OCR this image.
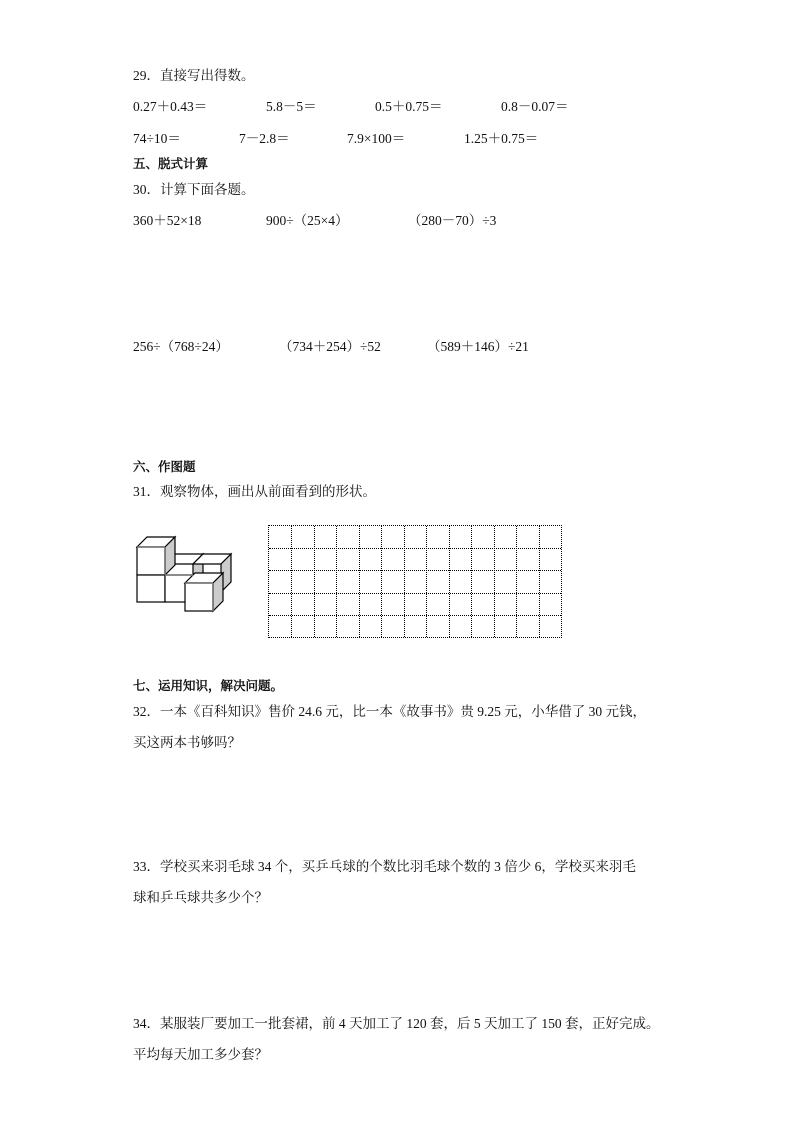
29．直接写出得数。
0.27＋0.43＝	5.8－5＝	0.5＋0.75＝	0.8－0.07＝
74÷10＝	7－2.8＝	7.9×100＝	1.25＋0.75＝
五、脱式计算
30．计算下面各题。
360＋52×18	900÷（25×4）	（280－70）÷3
256÷（768÷24）	（734＋254）÷52	（589＋146）÷21
六、作图题
31．观察物体，画出从前面看到的形状。
七、运用知识，解决问题。
32．一本《百科知识》售价 24.6 元，比一本《故事书》贵 9.25 元，小华借了 30 元钱，
买这两本书够吗？
33．学校买来羽毛球 34 个，买乒乓球的个数比羽毛球个数的 3 倍少 6，学校买来羽毛
球和乒乓球共多少个？
34．某服装厂要加工一批套裙，前 4 天加工了 120 套，后 5 天加工了 150 套，正好完成。
平均每天加工多少套？
